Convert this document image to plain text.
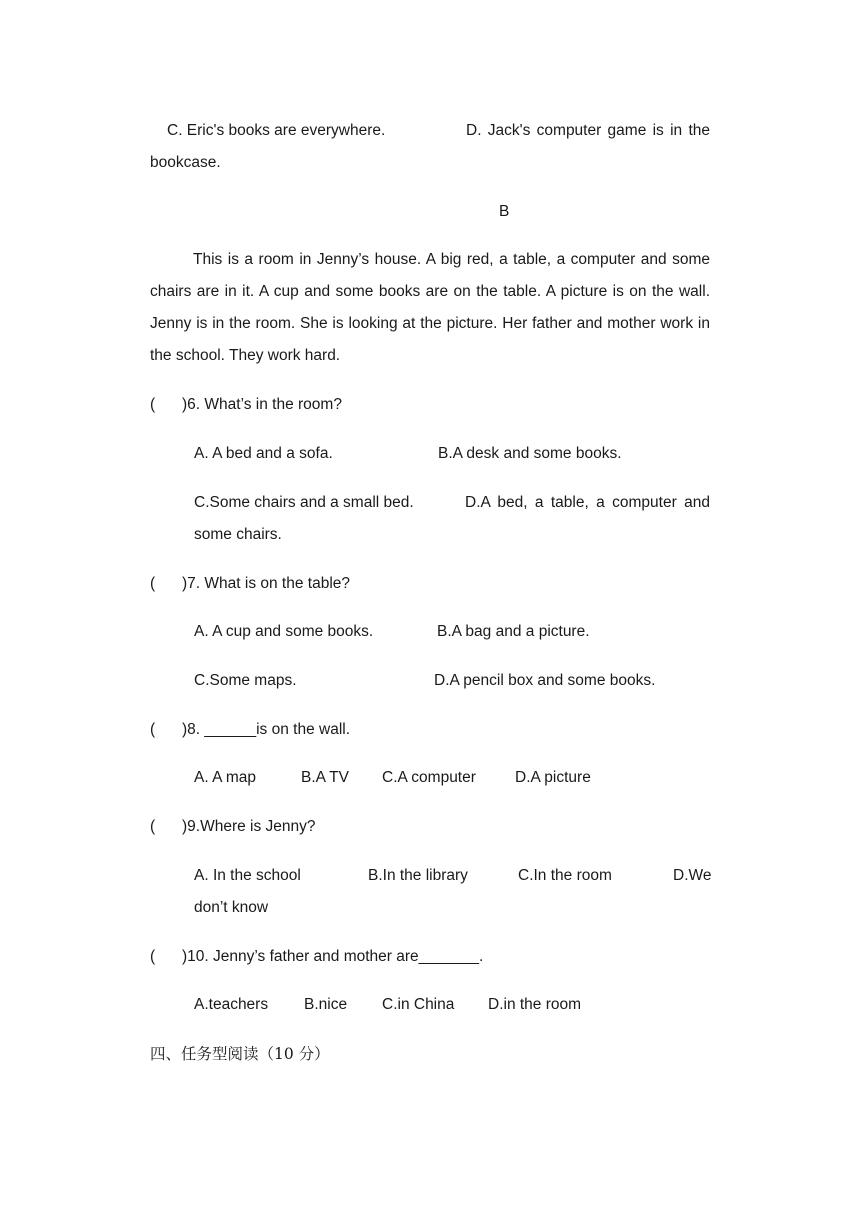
C. Eric's books are everywhere.	D. Jack's computer game is in the
bookcase.
B
This is a room in Jenny’s house. A big red, a table, a computer and some chairs are in it. A cup and some books are on the table. A picture is on the wall. Jenny is in the room. She is looking at the picture. Her father and mother work in the school. They work hard.
( )6. What’s in the room?
A. A bed and a sofa.	B.A desk and some books.
C.Some chairs and a small bed.	D.A bed, a table, a computer and
some chairs.
( )7. What is on the table?
A. A cup and some books.	B.A bag and a picture.
C.Some maps.	D.A pencil box and some books.
( )8. ______is on the wall.
A. A map	B.A TV C.A computer	D.A picture
( )9.Where is Jenny?
A. In the school	B.In the library	C.In the room	D.We
don’t know
( )10. Jenny’s father and mother are_______.
A.teachers B.nice C.in China D.in the room
四、任务型阅读（10 分）
